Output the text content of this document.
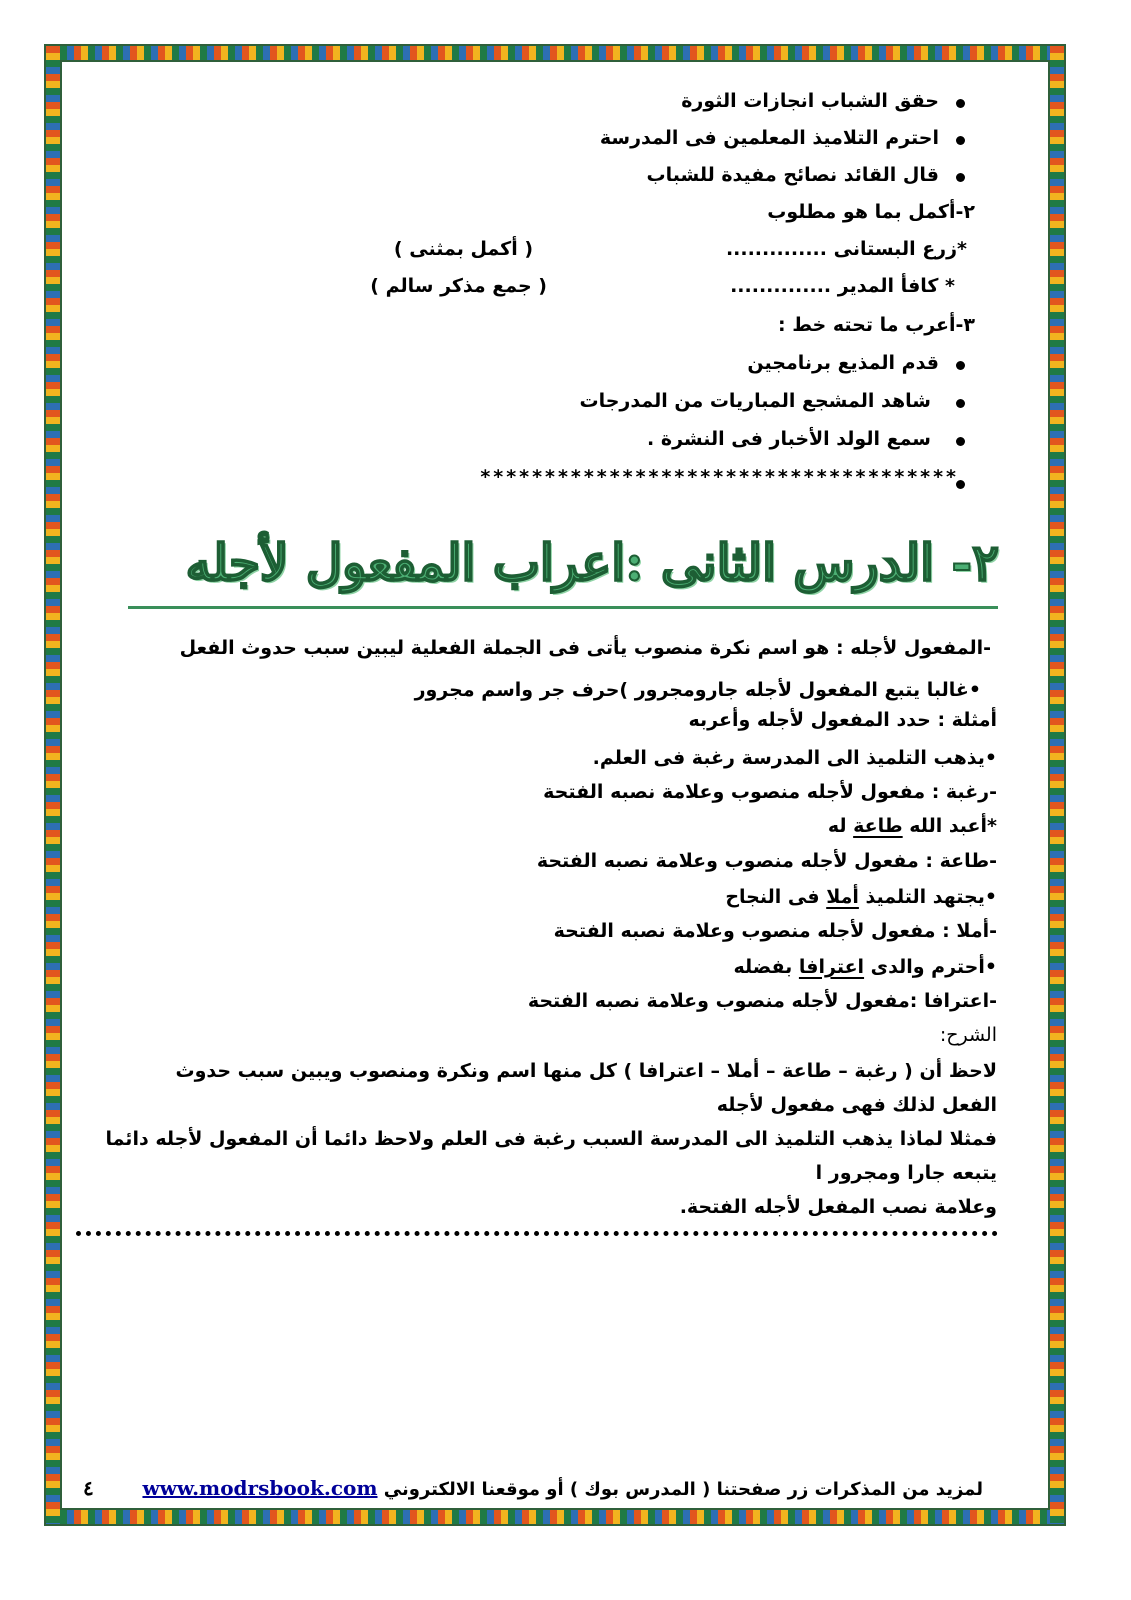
حقق الشباب انجازات الثورة
احترم التلاميذ المعلمين فى المدرسة
قال القائد نصائح مفيدة للشباب
٢-أكمل بما هو مطلوب
*زرع البستانى ..............
( أكمل بمثنى )
* كافأ المدير ..............
( جمع مذكر سالم )
٣-أعرب ما تحته خط :
قدم المذيع برنامجين
شاهد المشجع المباريات من المدرجات
سمع الولد الأخبار فى النشرة .
*************************************
٢- الدرس الثانى :اعراب المفعول لأجله
-المفعول لأجله : هو اسم نكرة منصوب يأتى فى الجملة الفعلية ليبين سبب حدوث الفعل
•غالبا يتبع المفعول لأجله جارومجرور )حرف جر واسم مجرور
أمثلة : حدد المفعول لأجله وأعربه
•يذهب التلميذ الى المدرسة رغبة فى العلم.
-رغبة : مفعول لأجله منصوب وعلامة نصبه الفتحة
*أعبد الله طاعة له
-طاعة : مفعول لأجله منصوب وعلامة نصبه الفتحة
•يجتهد التلميذ أملا فى النجاح
-أملا : مفعول لأجله منصوب وعلامة نصبه الفتحة
•أحترم والدى اعترافا بفضله
-اعترافا :مفعول لأجله منصوب وعلامة نصبه الفتحة
الشرح:
لاحظ أن ( رغبة – طاعة – أملا – اعترافا ) كل منها اسم ونكرة ومنصوب ويبين سبب حدوث
الفعل لذلك فهى مفعول لأجله
فمثلا لماذا يذهب التلميذ الى المدرسة السبب رغبة فى العلم ولاحظ دائما أن المفعول لأجله دائما
يتبعه جارا ومجرور ا
وعلامة نصب المفعل لأجله الفتحة.
لمزيد من المذكرات زر صفحتنا ( المدرس بوك ) أو موقعنا الالكتروني www.modrsbook.com
٤
